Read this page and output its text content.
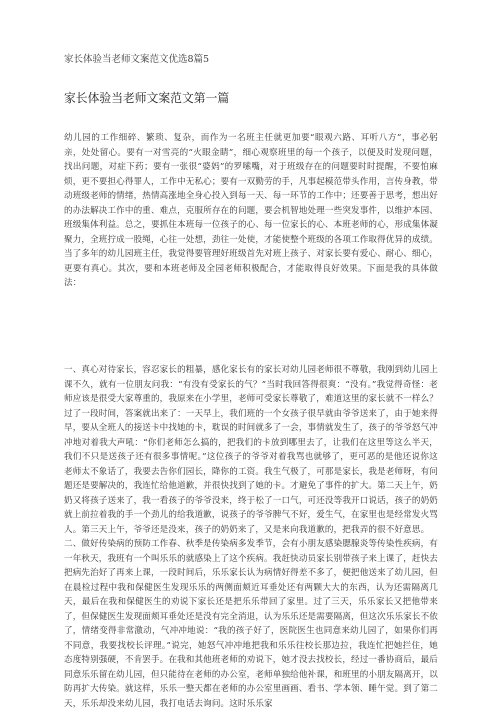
家长体验当老师文案范文优选8篇5
家长体验当老师文案范文第一篇

幼儿园的工作细碎、繁琐、复杂，而作为一名班主任就更加要“眼观六路、耳听八方”，事必躬亲，处处留心。要有一对雪亮的“火眼金睛”，细心观察班里的每一个孩子，以便及时发现问题，找出问题，对症下药；要有一张很“婆妈”的罗嗦嘴，对于班级存在的问题要时时提醒，不要怕麻烦，更不要担心得罪人，工作中无私心；要有一双勤劳的手，凡事起模范带头作用，言传身教，带动班级老师的情绪，热情高涨地全身心投入到每一天、每一环节的工作中；还要善于思考，想出好的办法解决工作中的重、难点，克服所存在的问题，要会机智地处理一些突发事件，以维护本园、班级集体利益。总之，要抓住本班每一位孩子的心、每一位家长的心、本班老师的心，形成集体凝聚力，全班拧成一股绳，心往一处想，劲往一处使，才能使整个班级的各项工作取得优异的成绩。当了多年的幼儿园班主任，我觉得要管理好班级首先对班上孩子、对家长要有爱心、耐心、细心，更要有真心。其次，要和本班老师及全园老师积极配合，才能取得良好效果。下面是我的具体做法：

一、真心对待家长，容忍家长的粗暴，感化家长有的家长对幼儿园老师很不尊敬，我刚到幼儿园上课不久，就有一位朋友问我：“有没有受家长的气？”当时我回答得很爽：“没有。”我觉得奇怪：老师应该是很受大家尊重的，我原来在小学里，老师可受家长尊敬了，难道这里的家长就不一样么？过了一段时间，答案就出来了：一天早上，我们班的一个女孩子很早就由爷爷送来了，由于她来得早，要从全班人的接送卡中找她的卡，耽误的时间就多了一会，事情就发生了，孩子的爷爷怒气冲冲地对着我大声吼：“你们老师怎么搞的，把我们的卡放到哪里去了，让我们在这里等这么半天，我们不只是送孩子还有很多事情呢。”这位孩子的爷爷对着我骂也就够了，更可恶的是他还说你这老师太不象话了，我要去告你们园长，降你的工资。我生气极了，可那是家长，我是老师呀，有问题还是要解决的，我连忙给他道歉，并很快找到了她的卡。才避免了事件的扩大。第二天上午，奶奶又将孩子送来了，我一看孩子的爷爷没来，终于松了一口气，可还没等我开口说话，孩子的奶奶就上前拉着我的手一个劲儿的给我道歉，说孩子的爷爷脾气不好，爱生气，在家里也是经常发火骂人。第三天上午，爷爷还是没来，孩子的奶奶来了，又是来向我道歉的，把我弄的很不好意思。

二、做好传染病的预防工作春、秋季是传染病多发季节，会有小朋友感染腮腺炎等传染性疾病，有一年秋天，我班有一个叫乐乐的就感染上了这个疾病。我赶快动员家长别带孩子来上课了，赶快去把病先治好了再来上课，一段时间后，乐乐家长认为病情好得差不多了，便把他送来了幼儿园，但在晨检过程中我和保健医生发现乐乐的两侧面颊近耳垂处还有两颗大大的东西，认为还需隔离几天，最后在我和保健医生的劝说下家长还是把乐乐带回了家里。过了三天，乐乐家长又把他带来了，但保健医生发现面颊耳垂处还是没有完全消退，认为乐乐还是需要隔离，但这次乐乐家长不依了，情绪变得非常激动，气冲冲地说：“我的孩子好了，医院医生也同意来幼儿园了，如果你们再不同意，我要找校长评理。”说完，她怒气冲冲地把我和乐乐往校长那边拉，我连忙把她拦住，她态度特别强硬，不肯罢手。在我和其他班老师的劝说下，她才没去找校长，经过一番协商后，最后同意乐乐留在幼儿园，但只能待在老师的办公室，老师单独给他补课，和班里的小朋友隔离开，以防再扩大传染。就这样，乐乐一整天都在老师的办公室里画画、看书、学本领、睡午觉。到了第二天，乐乐却没来幼儿园，我打电话去询问。这时乐乐家
